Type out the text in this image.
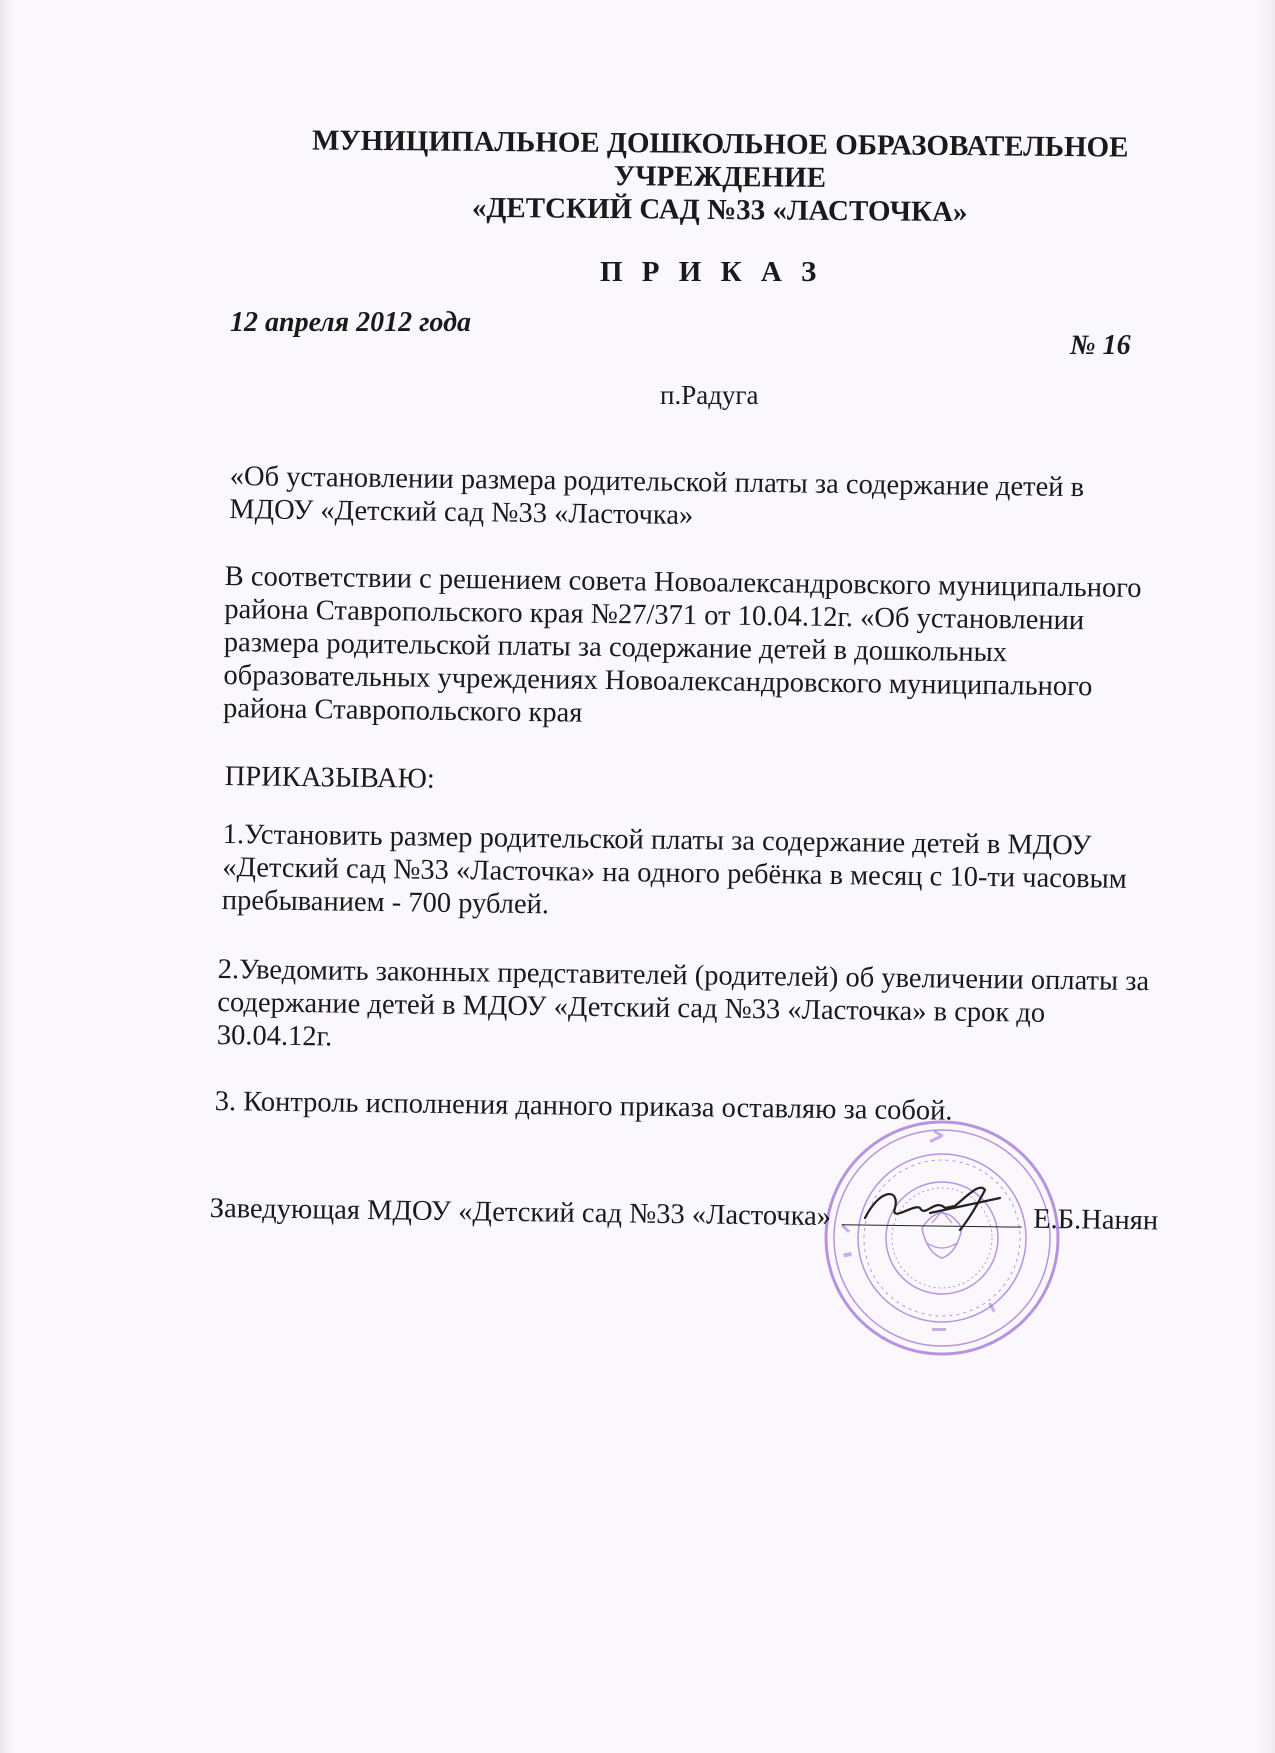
МУНИЦИПАЛЬНОЕ ДОШКОЛЬНОЕ ОБРАЗОВАТЕЛЬНОЕ
УЧРЕЖДЕНИЕ
«ДЕТСКИЙ САД №33 «ЛАСТОЧКА»
П Р И К А З
12 апреля 2012 года
№ 16
п.Радуга
«Об установлении размера родительской платы за содержание детей в МДОУ «Детский сад №33 «Ласточка»
В соответствии с решением совета Новоалександровского муниципального района Ставропольского края №27/371 от 10.04.12г. «Об установлении размера родительской платы за содержание детей в дошкольных образовательных учреждениях Новоалександровского муниципального района Ставропольского края
ПРИКАЗЫВАЮ:
1.Установить размер родительской платы за содержание детей в МДОУ «Детский сад №33 «Ласточка» на одного ребёнка в месяц с 10-ти часовым пребыванием - 700 рублей.
2.Уведомить законных представителей (родителей) об увеличении оплаты за содержание детей в МДОУ «Детский сад №33 «Ласточка» в срок до 30.04.12г.
3. Контроль исполнения данного приказа оставляю за собой.
Заведующая МДОУ «Детский сад №33 «Ласточка»	Е.Б.Нанян
